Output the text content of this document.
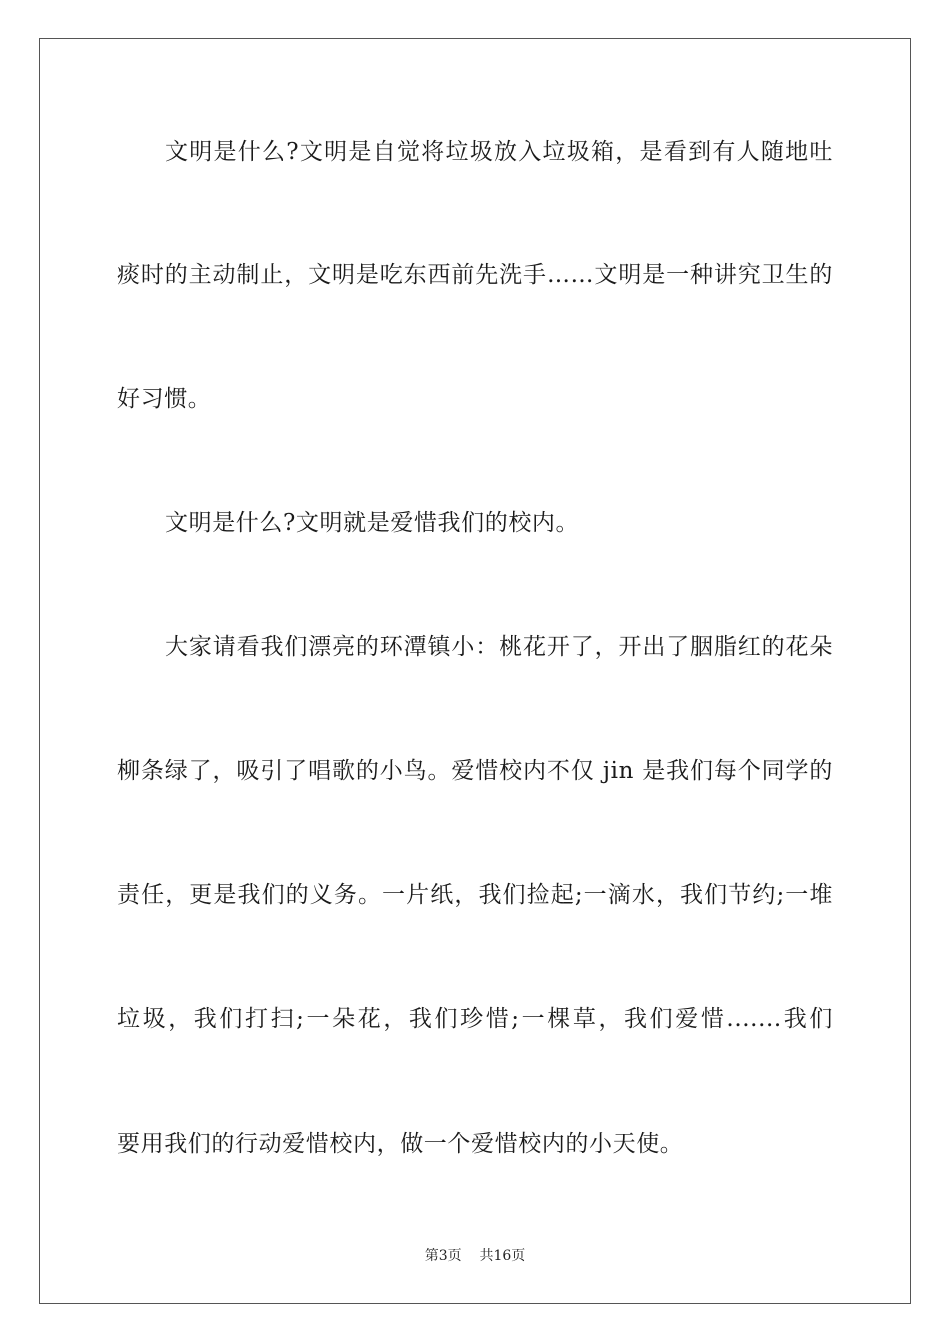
文明是什么?文明是自觉将垃圾放入垃圾箱，是看到有人随地吐
痰时的主动制止，文明是吃东西前先洗手……文明是一种讲究卫生的
好习惯。
文明是什么?文明就是爱惜我们的校内。
大家请看我们漂亮的环潭镇小：桃花开了，开出了胭脂红的花朵
柳条绿了，吸引了唱歌的小鸟。爱惜校内不仅 jin 是我们每个同学的
责任，更是我们的义务。一片纸，我们捡起;一滴水，我们节约;一堆
垃圾，我们打扫;一朵花，我们珍惜;一棵草，我们爱惜.......我们
要用我们的行动爱惜校内，做一个爱惜校内的小天使。
第3页 共16页
